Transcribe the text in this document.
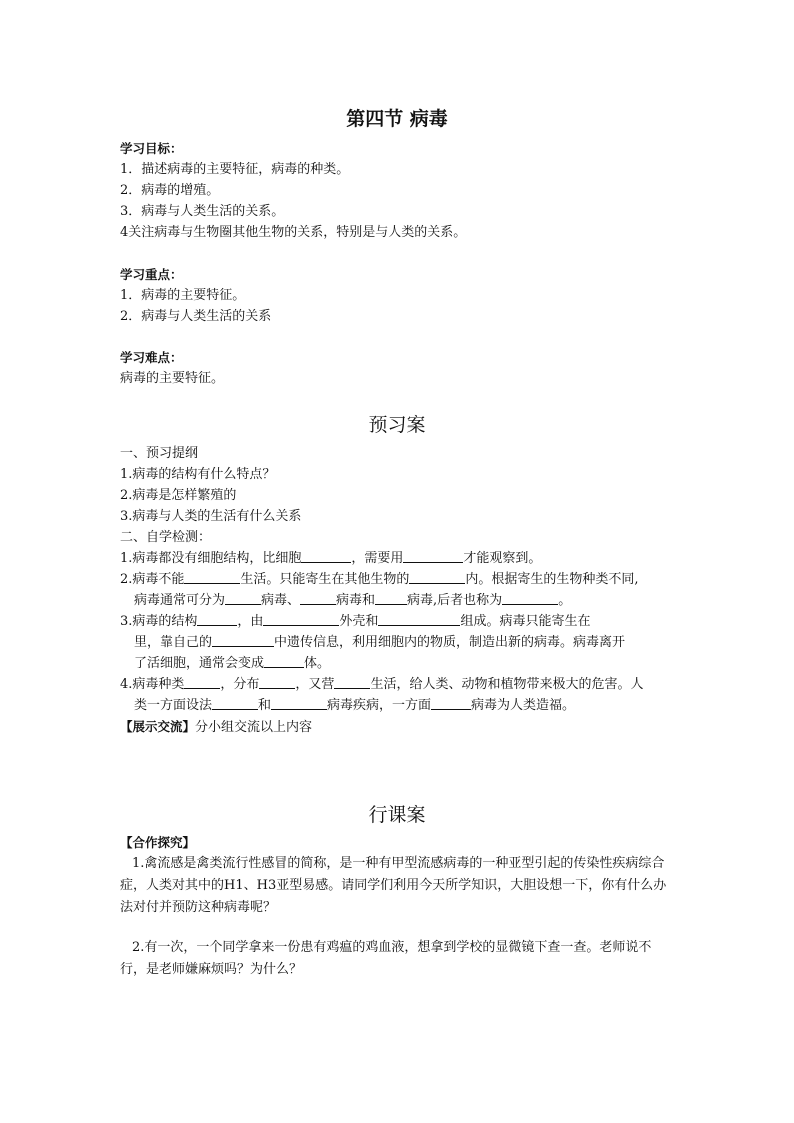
第四节 病毒
学习目标：
1．描述病毒的主要特征，病毒的种类。
2．病毒的增殖。
3．病毒与人类生活的关系。
4关注病毒与生物圈其他生物的关系，特别是与人类的关系。
学习重点：
1．病毒的主要特征。
2．病毒与人类生活的关系
学习难点：
病毒的主要特征。
预习案
一、预习提纲
1.病毒的结构有什么特点？
2.病毒是怎样繁殖的
3.病毒与人类的生活有什么关系
二、自学检测：
1.病毒都没有细胞结构，比细胞	，需要用	才能观察到。
2.病毒不能	生活。只能寄生在其他生物的	内。根据寄生的生物种类不同,
病毒通常可分为	病毒、	病毒和 病毒,后者也称为	。
3.病毒的结构	，由	外壳和	组成。病毒只能寄生在
里，靠自己的	中遗传信息，利用细胞内的物质，制造出新的病毒。病毒离开
了活细胞，通常会变成	体。
4.病毒种类	，分布	，又营	生活，给人类、动物和植物带来极大的危害。人
类一方面设法	和	病毒疾病，一方面	病毒为人类造福。
【展示交流】分小组交流以上内容
行课案
【合作探究】
1.禽流感是禽类流行性感冒的简称，是一种有甲型流感病毒的一种亚型引起的传染性疾病综合症，人类对其中的H1、H3亚型易感。请同学们利用今天所学知识，大胆设想一下，你有什么办法对付并预防这种病毒呢？
2.有一次，一个同学拿来一份患有鸡瘟的鸡血液，想拿到学校的显微镜下查一查。老师说不行，是老师嫌麻烦吗？为什么？
